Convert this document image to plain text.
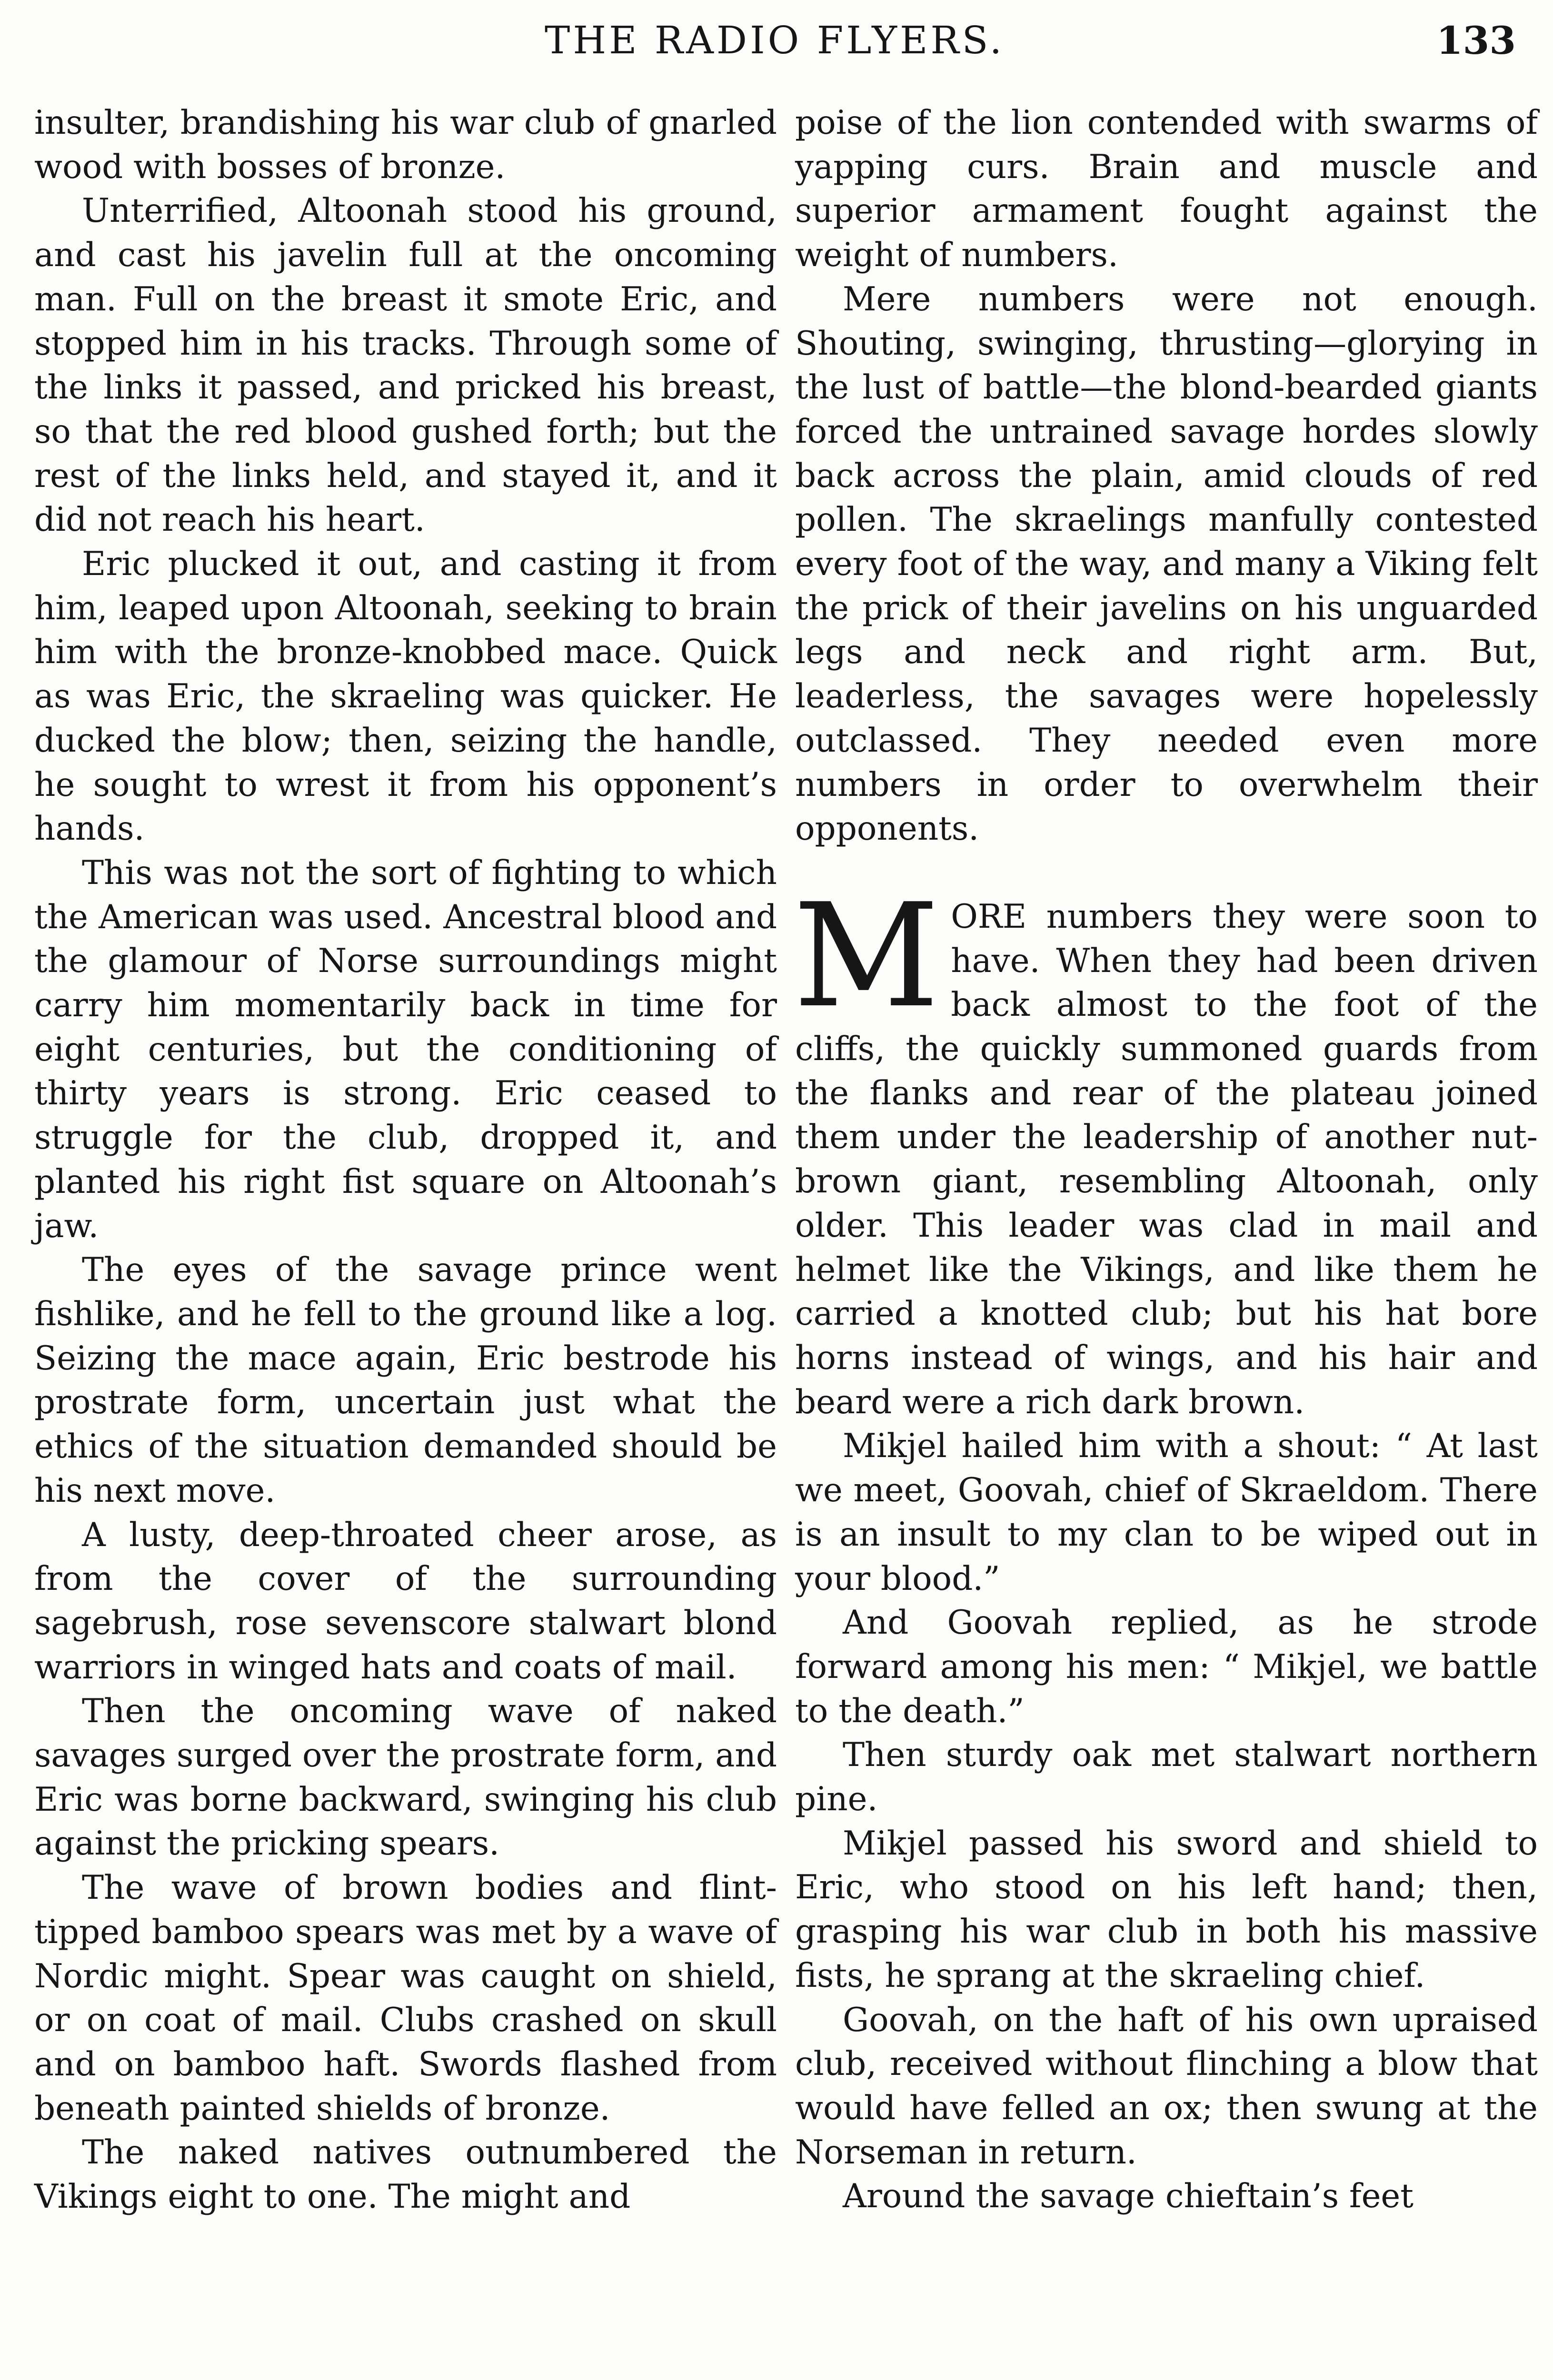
THE RADIO FLYERS.	133

insulter, brandishing his war club of gnarled wood with bosses of bronze.

Unterrified, Altoonah stood his ground, and cast his javelin full at the oncoming man. Full on the breast it smote Eric, and stopped him in his tracks. Through some of the links it passed, and pricked his breast, so that the red blood gushed forth; but the rest of the links held, and stayed it, and it did not reach his heart.

Eric plucked it out, and casting it from him, leaped upon Altoonah, seeking to brain him with the bronze-knobbed mace. Quick as was Eric, the skraeling was quicker. He ducked the blow; then, seizing the handle, he sought to wrest it from his opponent’s hands.

This was not the sort of fighting to which the American was used. Ancestral blood and the glamour of Norse surroundings might carry him momentarily back in time for eight centuries, but the conditioning of thirty years is strong. Eric ceased to struggle for the club, dropped it, and planted his right fist square on Altoonah’s jaw.

The eyes of the savage prince went fishlike, and he fell to the ground like a log. Seizing the mace again, Eric bestrode his prostrate form, uncertain just what the ethics of the situation demanded should be his next move.

A lusty, deep-throated cheer arose, as from the cover of the surrounding sagebrush, rose sevenscore stalwart blond warriors in winged hats and coats of mail.

Then the oncoming wave of naked savages surged over the prostrate form, and Eric was borne backward, swinging his club against the pricking spears.

The wave of brown bodies and flint-tipped bamboo spears was met by a wave of Nordic might. Spear was caught on shield, or on coat of mail. Clubs crashed on skull and on bamboo haft. Swords flashed from beneath painted shields of bronze.

The naked natives outnumbered the Vikings eight to one. The might and

poise of the lion contended with swarms of yapping curs. Brain and muscle and superior armament fought against the weight of numbers.

Mere numbers were not enough. Shouting, swinging, thrusting—glorying in the lust of battle—the blond-bearded giants forced the untrained savage hordes slowly back across the plain, amid clouds of red pollen. The skraelings manfully contested every foot of the way, and many a Viking felt the prick of their javelins on his unguarded legs and neck and right arm. But, leaderless, the savages were hopelessly outclassed. They needed even more numbers in order to overwhelm their opponents.

MORE numbers they were soon to have. When they had been driven back almost to the foot of the cliffs, the quickly summoned guards from the flanks and rear of the plateau joined them under the leadership of another nut-brown giant, resembling Altoonah, only older. This leader was clad in mail and helmet like the Vikings, and like them he carried a knotted club; but his hat bore horns instead of wings, and his hair and beard were a rich dark brown.

Mikjel hailed him with a shout: “ At last we meet, Goovah, chief of Skraeldom. There is an insult to my clan to be wiped out in your blood.”

And Goovah replied, as he strode forward among his men: “ Mikjel, we battle to the death.”

Then sturdy oak met stalwart northern pine.

Mikjel passed his sword and shield to Eric, who stood on his left hand; then, grasping his war club in both his massive fists, he sprang at the skraeling chief.

Goovah, on the haft of his own upraised club, received without flinching a blow that would have felled an ox; then swung at the Norseman in return.

Around the savage chieftain’s feet
